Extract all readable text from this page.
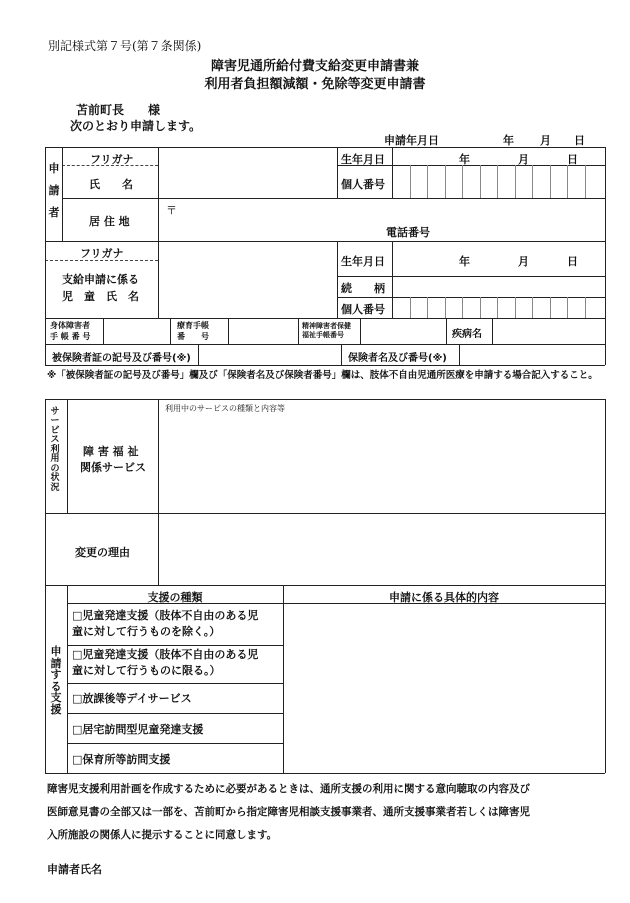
別記様式第７号(第７条関係)
障害児通所給付費支給変更申請書兼
利用者負担額減額・免除等変更申請書
苫前町長　　様
次のとおり申請します。
申請年月日	年 月 日
申請者
フリガナ
氏　　名
居 住 地
〒
電話番号
生年月日	年	月	日
個人番号
フリガナ
支給申請に係る
児　童　氏　名
生年月日	年	月	日
続　　柄
個人番号
身体障害者
手 帳 番 号
療育手帳
番　　号
精神障害者保健
福祉手帳番号	疾病名
被保険者証の記号及び番号(※)	保険者名及び番号(※)
※「被保険者証の記号及び番号」欄及び「保険者名及び保険者番号」欄は、肢体不自由児通所医療を申請する場合記入すること。
サービス利用の状況
障 害 福 祉
関係サービス
利用中のサービスの種類と内容等
変更の理由
申請する支援
支援の種類	申請に係る具体的内容
□児童発達支援（肢体不自由のある児
童に対して行うものを除く。）
□児童発達支援（肢体不自由のある児
童に対して行うものに限る。）
□放課後等デイサービス
□居宅訪問型児童発達支援
□保育所等訪問支援
障害児支援利用計画を作成するために必要があるときは、通所支援の利用に関する意向聴取の内容及び
医師意見書の全部又は一部を、苫前町から指定障害児相談支援事業者、通所支援事業者若しくは障害児
入所施設の関係人に提示することに同意します。
申請者氏名
